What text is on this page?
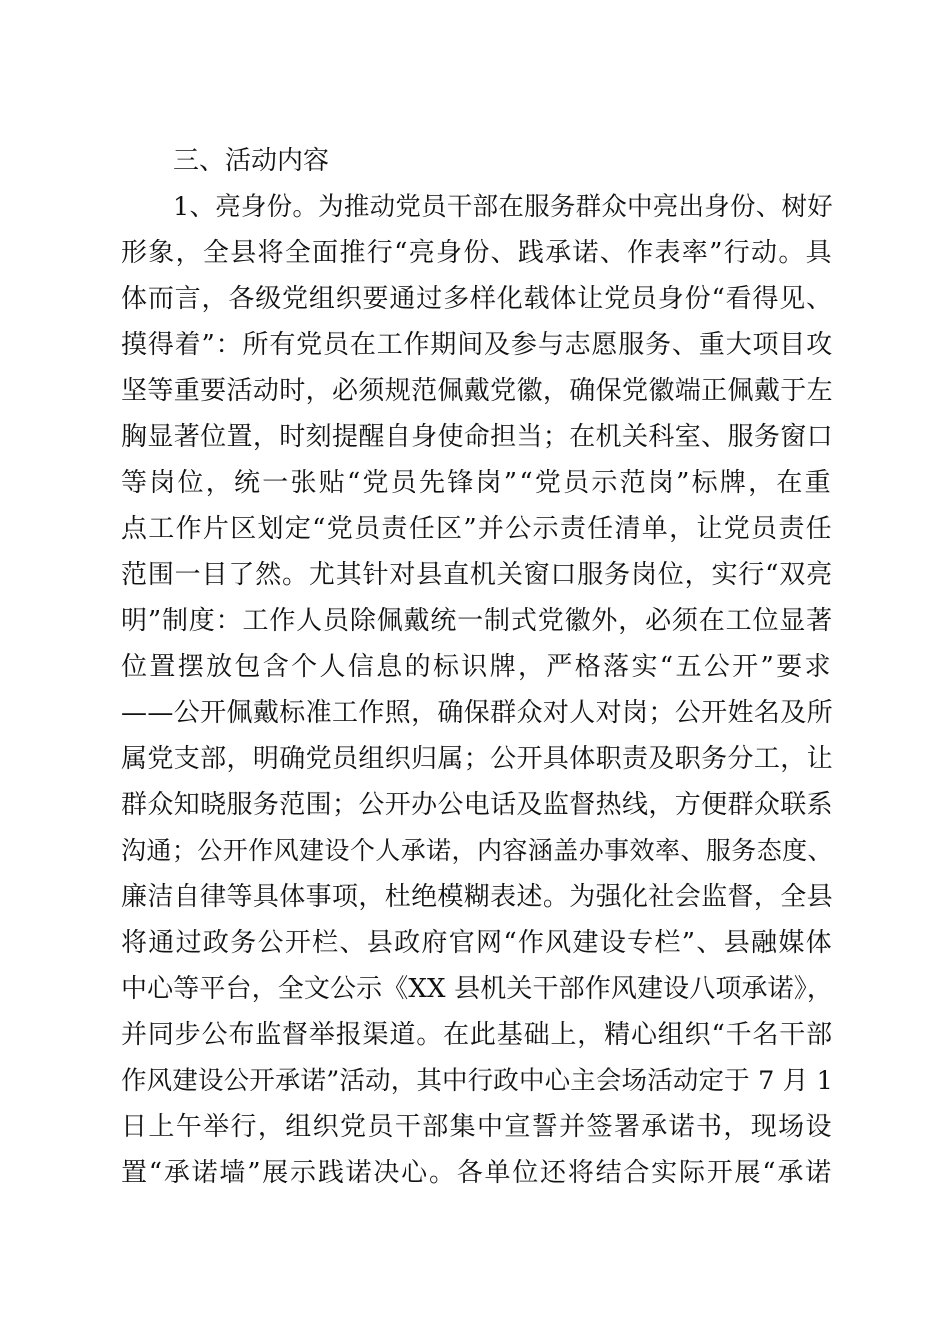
三、活动内容
1、亮身份。为推动党员干部在服务群众中亮出身份、树好
形象，全县将全面推行“亮身份、践承诺、作表率”行动。具
体而言，各级党组织要通过多样化载体让党员身份“看得见、
摸得着”：所有党员在工作期间及参与志愿服务、重大项目攻
坚等重要活动时，必须规范佩戴党徽，确保党徽端正佩戴于左
胸显著位置，时刻提醒自身使命担当；在机关科室、服务窗口
等岗位，统一张贴“党员先锋岗”“党员示范岗”标牌，在重
点工作片区划定“党员责任区”并公示责任清单，让党员责任
范围一目了然。尤其针对县直机关窗口服务岗位，实行“双亮
明”制度：工作人员除佩戴统一制式党徽外，必须在工位显著
位置摆放包含个人信息的标识牌，严格落实“五公开”要求
——公开佩戴标准工作照，确保群众对人对岗；公开姓名及所
属党支部，明确党员组织归属；公开具体职责及职务分工，让
群众知晓服务范围；公开办公电话及监督热线，方便群众联系
沟通；公开作风建设个人承诺，内容涵盖办事效率、服务态度、
廉洁自律等具体事项，杜绝模糊表述。为强化社会监督，全县
将通过政务公开栏、县政府官网“作风建设专栏”、县融媒体
中心等平台，全文公示《XX 县机关干部作风建设八项承诺》，
并同步公布监督举报渠道。在此基础上，精心组织“千名干部
作风建设公开承诺”活动，其中行政中心主会场活动定于 7 月 1
日上午举行，组织党员干部集中宣誓并签署承诺书，现场设
置“承诺墙”展示践诺决心。各单位还将结合实际开展“承诺
